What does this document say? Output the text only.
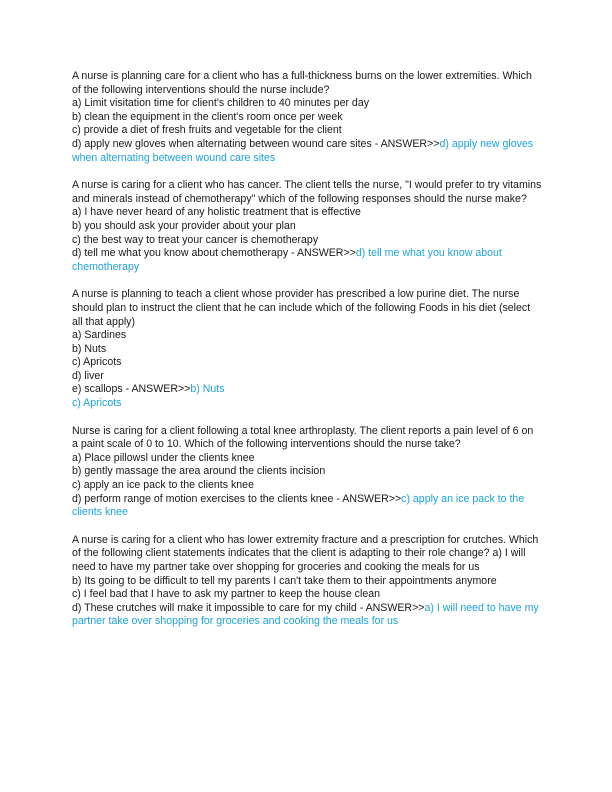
A nurse is planning care for a client who has a full-thickness burns on the lower extremities. Which of the following interventions should the nurse include?
a) Limit visitation time for client's children to 40 minutes per day
b) clean the equipment in the client's room once per week
c) provide a diet of fresh fruits and vegetable for the client
d) apply new gloves when alternating between wound care sites - ANSWER>>d) apply new gloves when alternating between wound care sites
A nurse is caring for a client who has cancer. The client tells the nurse, "I would prefer to try vitamins and minerals instead of chemotherapy" which of the following responses should the nurse make?
a) I have never heard of any holistic treatment that is effective
b) you should ask your provider about your plan
c) the best way to treat your cancer is chemotherapy
d) tell me what you know about chemotherapy - ANSWER>>d) tell me what you know about chemotherapy
A nurse is planning to teach a client whose provider has prescribed a low purine diet. The nurse should plan to instruct the client that he can include which of the following Foods in his diet (select all that apply)
a) Sardines
b) Nuts
c) Apricots
d) liver
e) scallops - ANSWER>>b) Nuts
c) Apricots
Nurse is caring for a client following a total knee arthroplasty. The client reports a pain level of 6 on a paint scale of 0 to 10. Which of the following interventions should the nurse take?
a) Place pillowsl under the clients knee
b) gently massage the area around the clients incision
c) apply an ice pack to the clients knee
d) perform range of motion exercises to the clients knee - ANSWER>>c) apply an ice pack to the clients knee
A nurse is caring for a client who has lower extremity fracture and a prescription for crutches. Which of the following client statements indicates that the client is adapting to their role change? a) I will need to have my partner take over shopping for groceries and cooking the meals for us
b) Its going to be difficult to tell my parents I can't take them to their appointments anymore
c) I feel bad that I have to ask my partner to keep the house clean
d) These crutches will make it impossible to care for my child - ANSWER>>a) I will need to have my partner take over shopping for groceries and cooking the meals for us
